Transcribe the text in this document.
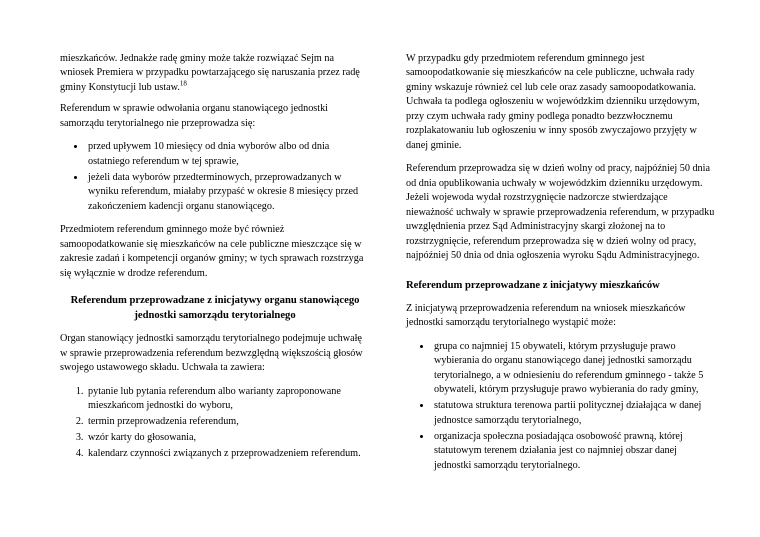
mieszkańców. Jednakże radę gminy może także rozwiązać Sejm na wniosek Premiera w przypadku powtarzającego się naruszania przez radę gminy Konstytucji lub ustaw.$^{18}$

Referendum w sprawie odwołania organu stanowiącego jednostki samorządu terytorialnego nie przeprowadza się:

• przed upływem 10 miesięcy od dnia wyborów albo od dnia ostatniego referendum w tej sprawie,
• jeżeli data wyborów przedterminowych, przeprowadzanych w wyniku referendum, miałaby przypaść w okresie 8 miesięcy przed zakończeniem kadencji organu stanowiącego.

Przedmiotem referendum gminnego może być również samoopodatkowanie się mieszkańców na cele publiczne mieszczące się w zakresie zadań i kompetencji organów gminy; w tych sprawach rozstrzyga się wyłącznie w drodze referendum.

Referendum przeprowadzane z inicjatywy organu stanowiącego jednostki samorządu terytorialnego

Organ stanowiący jednostki samorządu terytorialnego podejmuje uchwałę w sprawie przeprowadzenia referendum bezwzględną większością głosów swojego ustawowego składu. Uchwała ta zawiera:

1. pytanie lub pytania referendum albo warianty zaproponowane mieszkańcom jednostki do wyboru,
2. termin przeprowadzenia referendum,
3. wzór karty do głosowania,
4. kalendarz czynności związanych z przeprowadzeniem referendum.

W przypadku gdy przedmiotem referendum gminnego jest samoopodatkowanie się mieszkańców na cele publiczne, uchwała rady gminy wskazuje również cel lub cele oraz zasady samoopodatkowania. Uchwała ta podlega ogłoszeniu w wojewódzkim dzienniku urzędowym, przy czym uchwała rady gminy podlega ponadto bezzwłocznemu rozplakatowaniu lub ogłoszeniu w inny sposób zwyczajowo przyjęty w danej gminie.

Referendum przeprowadza się w dzień wolny od pracy, najpóźniej 50 dnia od dnia opublikowania uchwały w wojewódzkim dzienniku urzędowym. Jeżeli wojewoda wydał rozstrzygnięcie nadzorcze stwierdzające nieważność uchwały w sprawie przeprowadzenia referendum, w przypadku uwzględnienia przez Sąd Administracyjny skargi złożonej na to rozstrzygnięcie, referendum przeprowadza się w dzień wolny od pracy, najpóźniej 50 dnia od dnia ogłoszenia wyroku Sądu Administracyjnego.

Referendum przeprowadzane z inicjatywy mieszkańców

Z inicjatywą przeprowadzenia referendum na wniosek mieszkańców jednostki samorządu terytorialnego wystąpić może:

• grupa co najmniej 15 obywateli, którym przysługuje prawo wybierania do organu stanowiącego danej jednostki samorządu terytorialnego, a w odniesieniu do referendum gminnego - także 5 obywateli, którym przysługuje prawo wybierania do rady gminy,
• statutowa struktura terenowa partii politycznej działająca w danej jednostce samorządu terytorialnego,
• organizacja społeczna posiadająca osobowość prawną, której statutowym terenem działania jest co najmniej obszar danej jednostki samorządu terytorialnego.
